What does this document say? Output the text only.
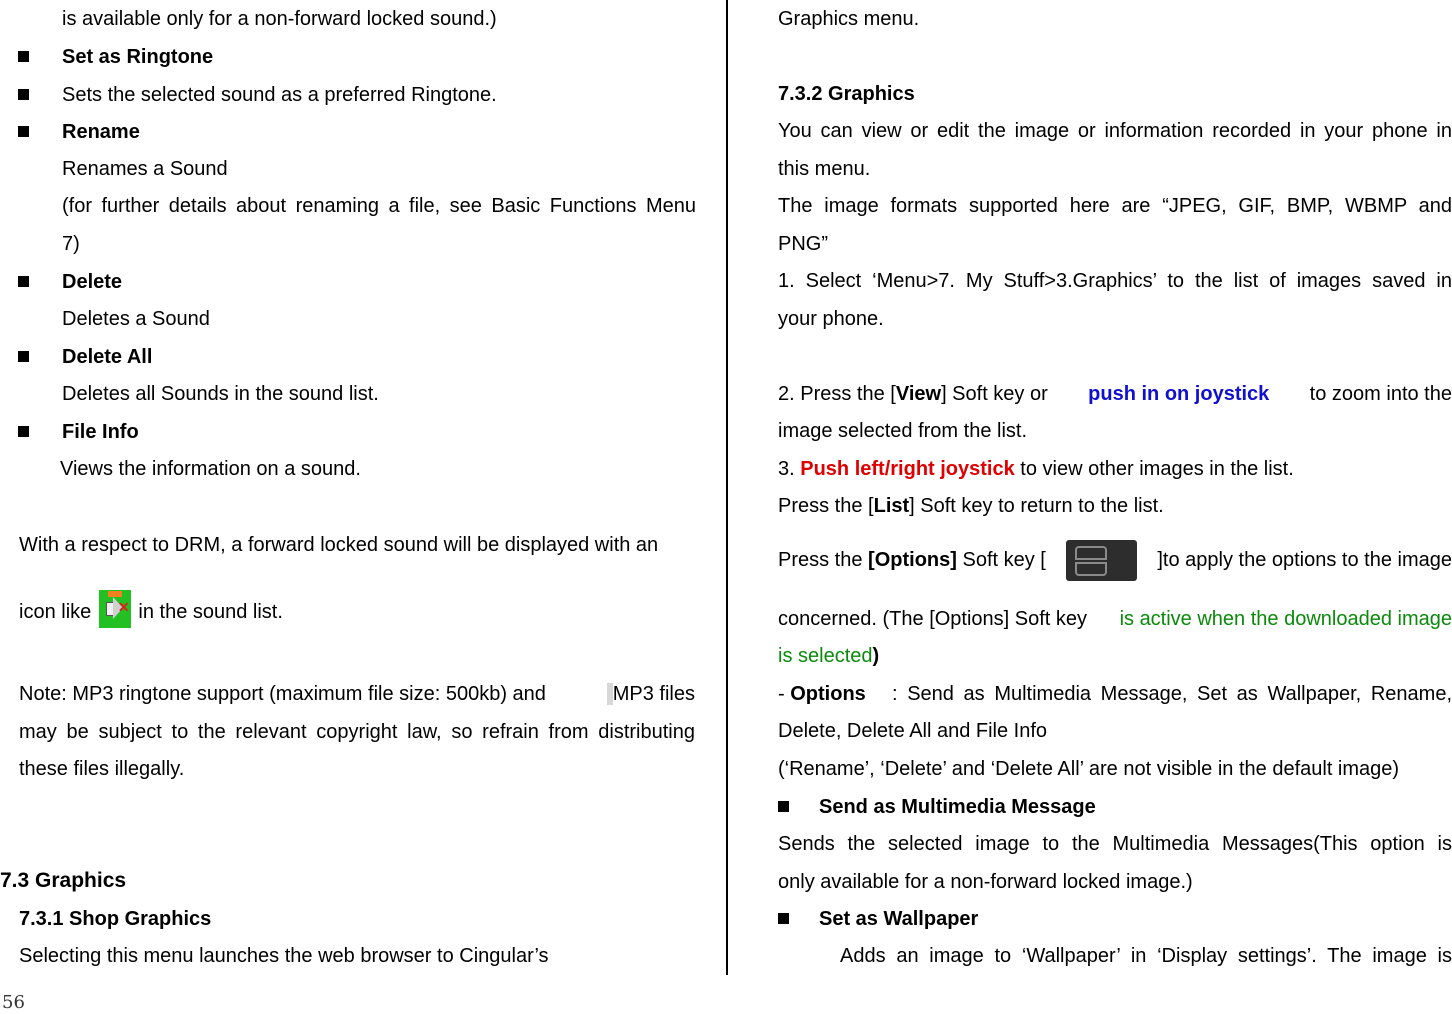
is available only for a non-forward locked sound.)
Set as Ringtone
Sets the selected sound as a preferred Ringtone.
Rename
Renames a Sound
(for further details about renaming a file, see Basic Functions Menu
7)
Delete
Deletes a Sound
Delete All
Deletes all Sounds in the sound list.
File Info
Views the information on a sound.
With a respect to DRM, a forward locked sound will be displayed with an
icon like ✕ in the sound list.
Note: MP3 ringtone support (maximum file size: 500kb) and	MP3 files
may be subject to the relevant copyright law, so refrain from distributing
these files illegally.
7.3 Graphics
7.3.1 Shop Graphics
Selecting this menu launches the web browser to Cingular’s
Graphics menu.
7.3.2 Graphics
You can view or edit the image or information recorded in your phone in
this menu.
The image formats supported here are “JPEG, GIF, BMP, WBMP and
PNG”
1. Select ‘Menu>7. My Stuff>3.Graphics’ to the list of images saved in
your phone.
2. Press the [View] Soft key or push in on joystick to zoom into the
image selected from the list.
3. Push left/right joystick to view other images in the list.
Press the [List] Soft key to return to the list.
Press the [Options] Soft key [	]to apply the options to the image
concerned. (The [Options] Soft key is active when the downloaded image
is selected)
- Options : Send as Multimedia Message, Set as Wallpaper, Rename,
Delete, Delete All and File Info
(‘Rename’, ‘Delete’ and ‘Delete All’ are not visible in the default image)
Send as Multimedia Message
Sends the selected image to the Multimedia Messages(This option is
only available for a non-forward locked image.)
Set as Wallpaper
Adds an image to ‘Wallpaper’ in ‘Display settings’. The image is
56
